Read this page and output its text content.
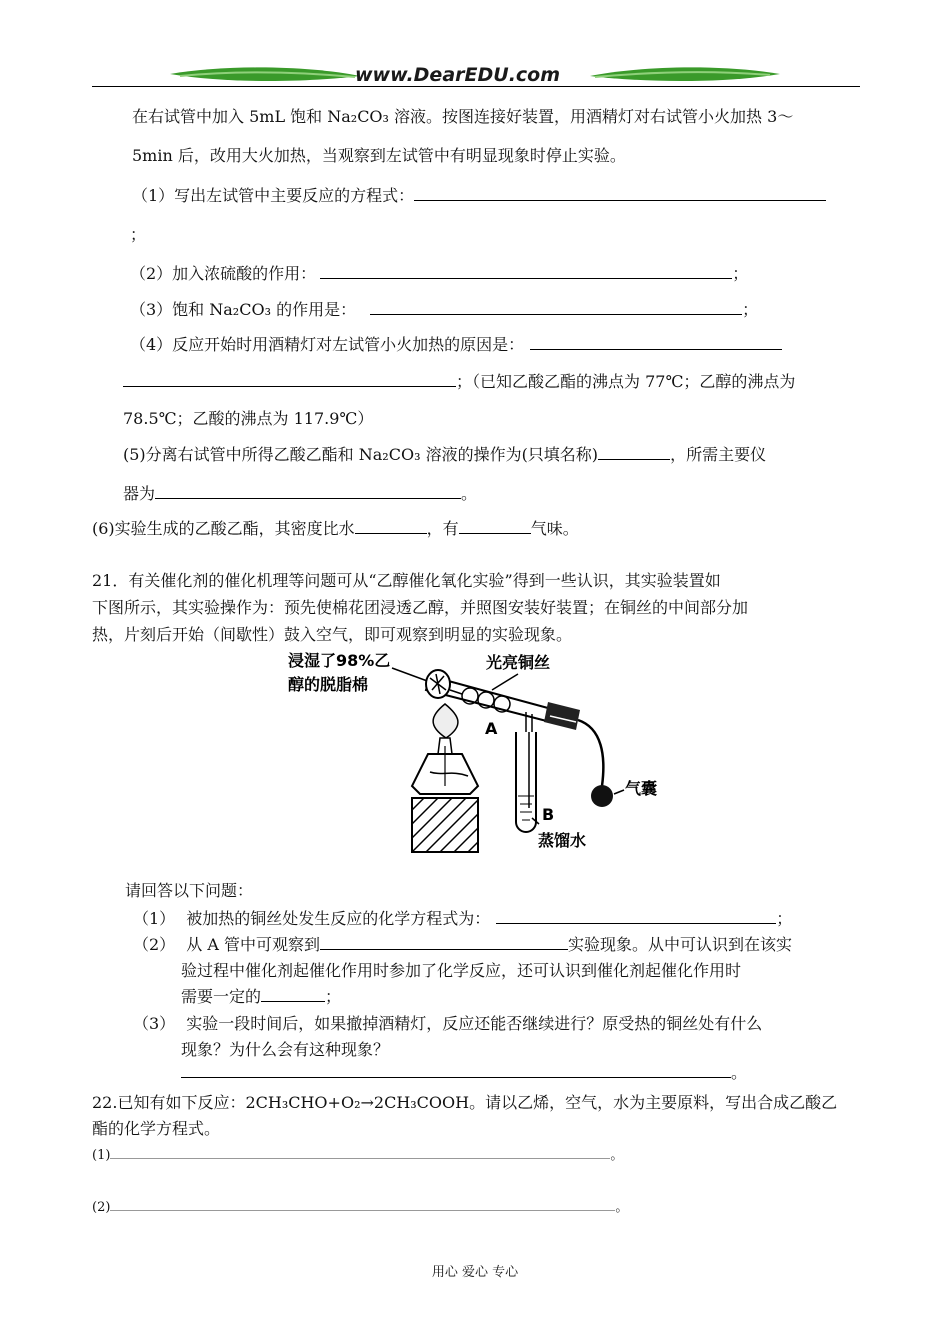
www.DearEDU.com
在右试管中加入 5mL 饱和 Na₂CO₃ 溶液。按图连接好装置，用酒精灯对右试管小火加热 3～
5min 后，改用大火加热，当观察到左试管中有明显现象时停止实验。
（1）写出左试管中主要反应的方程式：
；
（2）加入浓硫酸的作用：	；
（3）饱和 Na₂CO₃ 的作用是：	；
（4）反应开始时用酒精灯对左试管小火加热的原因是：
；（已知乙酸乙酯的沸点为 77℃；乙醇的沸点为
78.5℃；乙酸的沸点为 117.9℃）
(5)分离右试管中所得乙酸乙酯和 Na₂CO₃ 溶液的操作为(只填名称)	，所需主要仪
器为	。
(6)实验生成的乙酸乙酯，其密度比水	，有	气味。
21．有关催化剂的催化机理等问题可从“乙醇催化氧化实验”得到一些认识，其实验装置如
下图所示，其实验操作为：预先使棉花团浸透乙醇，并照图安装好装置；在铜丝的中间部分加
热，片刻后开始（间歇性）鼓入空气，即可观察到明显的实验现象。
浸湿了98%乙
醇的脱脂棉
光亮铜丝
A
B
气囊
蒸馏水
请回答以下问题：
（1） 被加热的铜丝处发生反应的化学方程式为：	；
（2） 从 A 管中可观察到	实验现象。从中可认识到在该实
验过程中催化剂起催化作用时参加了化学反应，还可认识到催化剂起催化作用时
需要一定的	；
（3） 实验一段时间后，如果撤掉酒精灯，反应还能否继续进行？原受热的铜丝处有什么
现象？为什么会有这种现象？
。
22.已知有如下反应：2CH₃CHO+O₂→2CH₃COOH。请以乙烯，空气，水为主要原料，写出合成乙酸乙
酯的化学方程式。
(1)	。
(2)	。
用心 爱心 专心
